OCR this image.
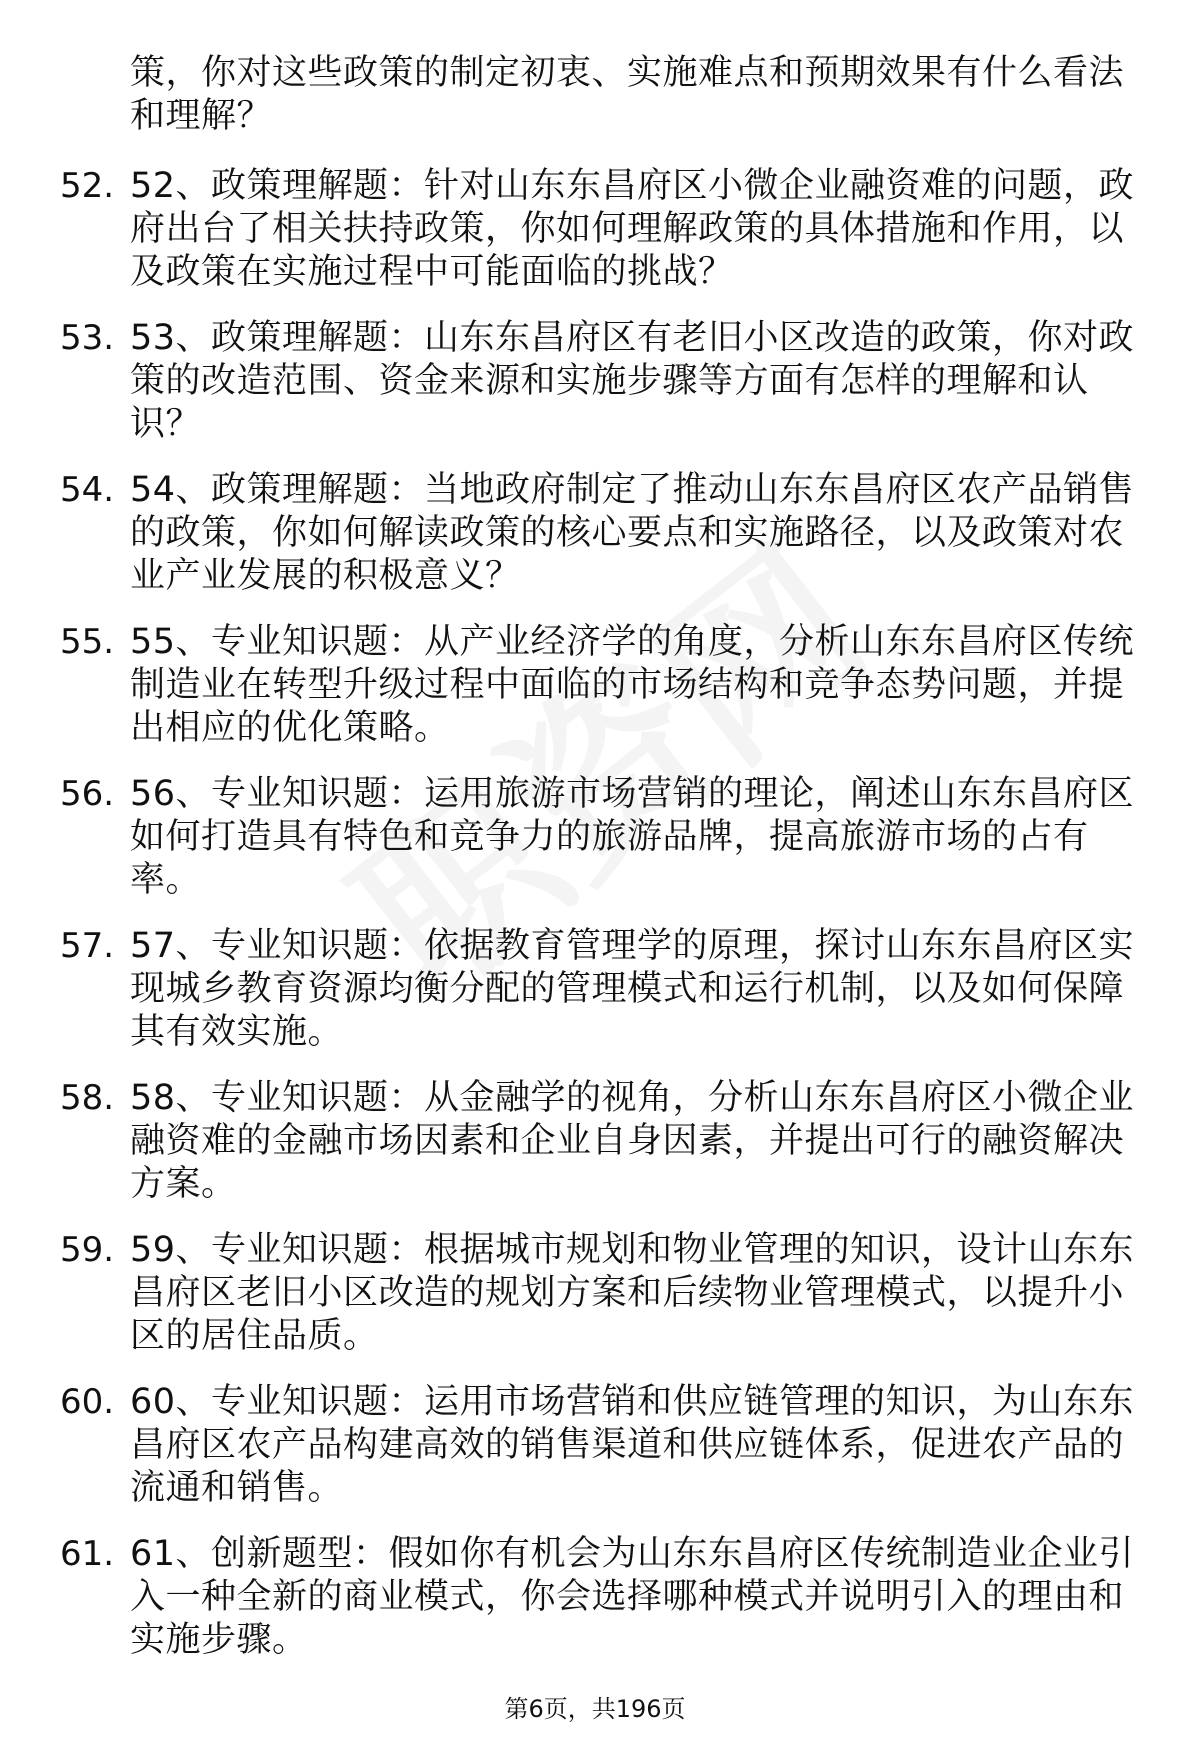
策，你对这些政策的制定初衷、实施难点和预期效果有什么看法和理解？
52. 52、政策理解题：针对山东东昌府区小微企业融资难的问题，政府出台了相关扶持政策，你如何理解政策的具体措施和作用，以及政策在实施过程中可能面临的挑战？
53. 53、政策理解题：山东东昌府区有老旧小区改造的政策，你对政策的改造范围、资金来源和实施步骤等方面有怎样的理解和认识？
54. 54、政策理解题：当地政府制定了推动山东东昌府区农产品销售的政策，你如何解读政策的核心要点和实施路径，以及政策对农业产业发展的积极意义？
55. 55、专业知识题：从产业经济学的角度，分析山东东昌府区传统制造业在转型升级过程中面临的市场结构和竞争态势问题，并提出相应的优化策略。
56. 56、专业知识题：运用旅游市场营销的理论，阐述山东东昌府区如何打造具有特色和竞争力的旅游品牌，提高旅游市场的占有率。
57. 57、专业知识题：依据教育管理学的原理，探讨山东东昌府区实现城乡教育资源均衡分配的管理模式和运行机制，以及如何保障其有效实施。
58. 58、专业知识题：从金融学的视角，分析山东东昌府区小微企业融资难的金融市场因素和企业自身因素，并提出可行的融资解决方案。
59. 59、专业知识题：根据城市规划和物业管理的知识，设计山东东昌府区老旧小区改造的规划方案和后续物业管理模式，以提升小区的居住品质。
60. 60、专业知识题：运用市场营销和供应链管理的知识，为山东东昌府区农产品构建高效的销售渠道和供应链体系，促进农产品的流通和销售。
61. 61、创新题型：假如你有机会为山东东昌府区传统制造业企业引入一种全新的商业模式，你会选择哪种模式并说明引入的理由和实施步骤。
第6页，共196页
